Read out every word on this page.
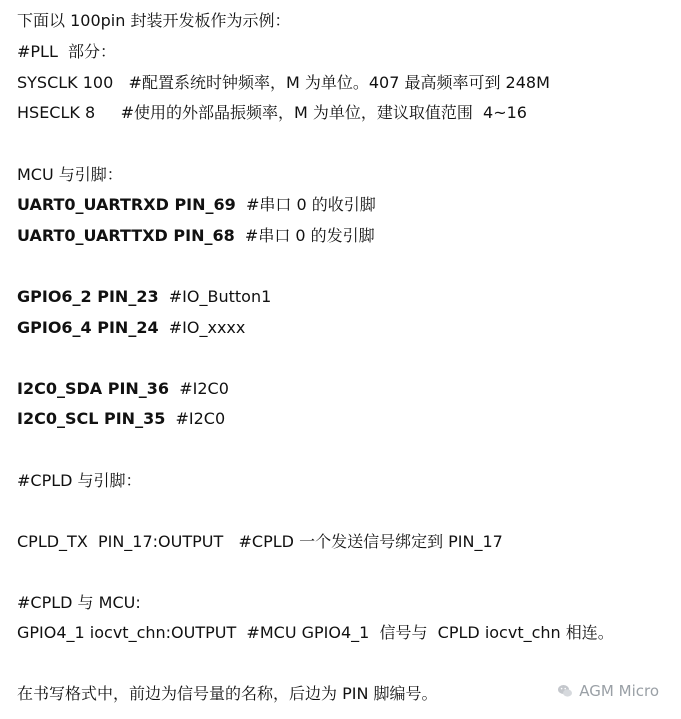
下面以 100pin 封装开发板作为示例：
#PLL  部分：
SYSCLK 100   #配置系统时钟频率，M 为单位。407 最高频率可到 248M
HSECLK 8     #使用的外部晶振频率，M 为单位，建议取值范围  4~16
MCU 与引脚：
UART0_UARTRXD PIN_69 #串口 0 的收引脚
UART0_UARTTXD PIN_68 #串口 0 的发引脚
GPIO6_2 PIN_23 #IO_Button1
GPIO6_4 PIN_24 #IO_xxxx
I2C0_SDA PIN_36 #I2C0
I2C0_SCL PIN_35 #I2C0
#CPLD 与引脚：
CPLD_TX  PIN_17:OUTPUT   #CPLD 一个发送信号绑定到 PIN_17
#CPLD 与 MCU:
GPIO4_1 iocvt_chn:OUTPUT  #MCU GPIO4_1  信号与  CPLD iocvt_chn 相连。
在书写格式中，前边为信号量的名称，后边为 PIN 脚编号。	AGM Micro
